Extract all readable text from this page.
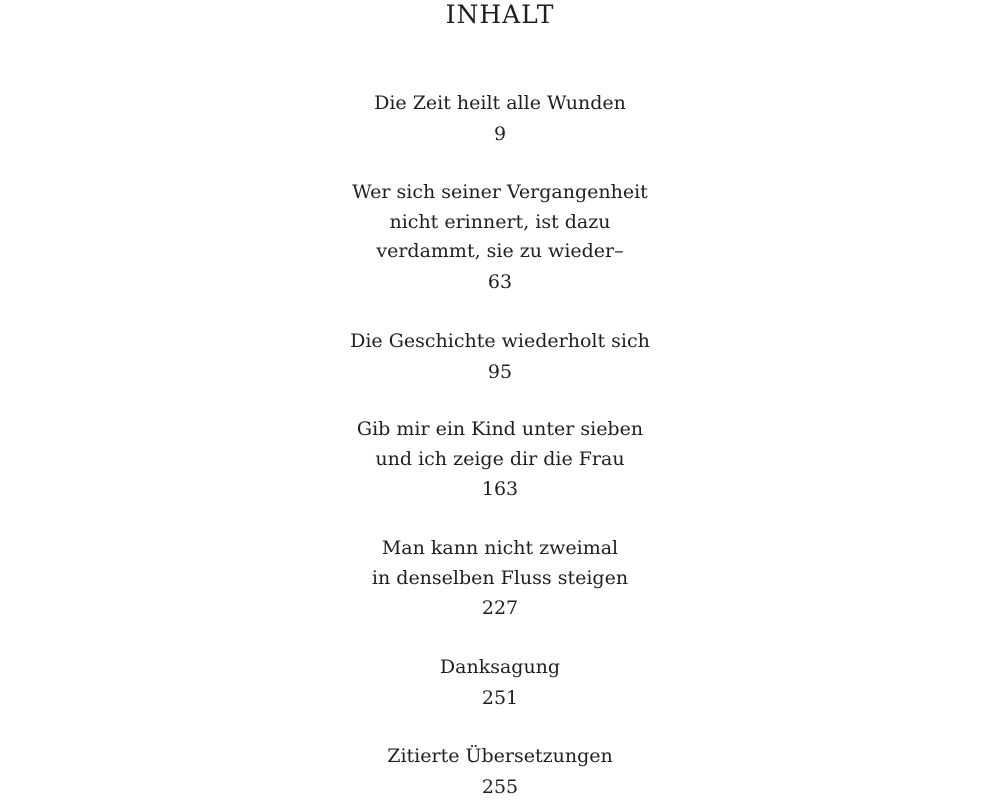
INHALT
Die Zeit heilt alle Wunden
9
Wer sich seiner Vergangenheit
nicht erinnert, ist dazu
verdammt, sie zu wieder–
63
Die Geschichte wiederholt sich
95
Gib mir ein Kind unter sieben
und ich zeige dir die Frau
163
Man kann nicht zweimal
in denselben Fluss steigen
227
Danksagung
251
Zitierte Übersetzungen
255
